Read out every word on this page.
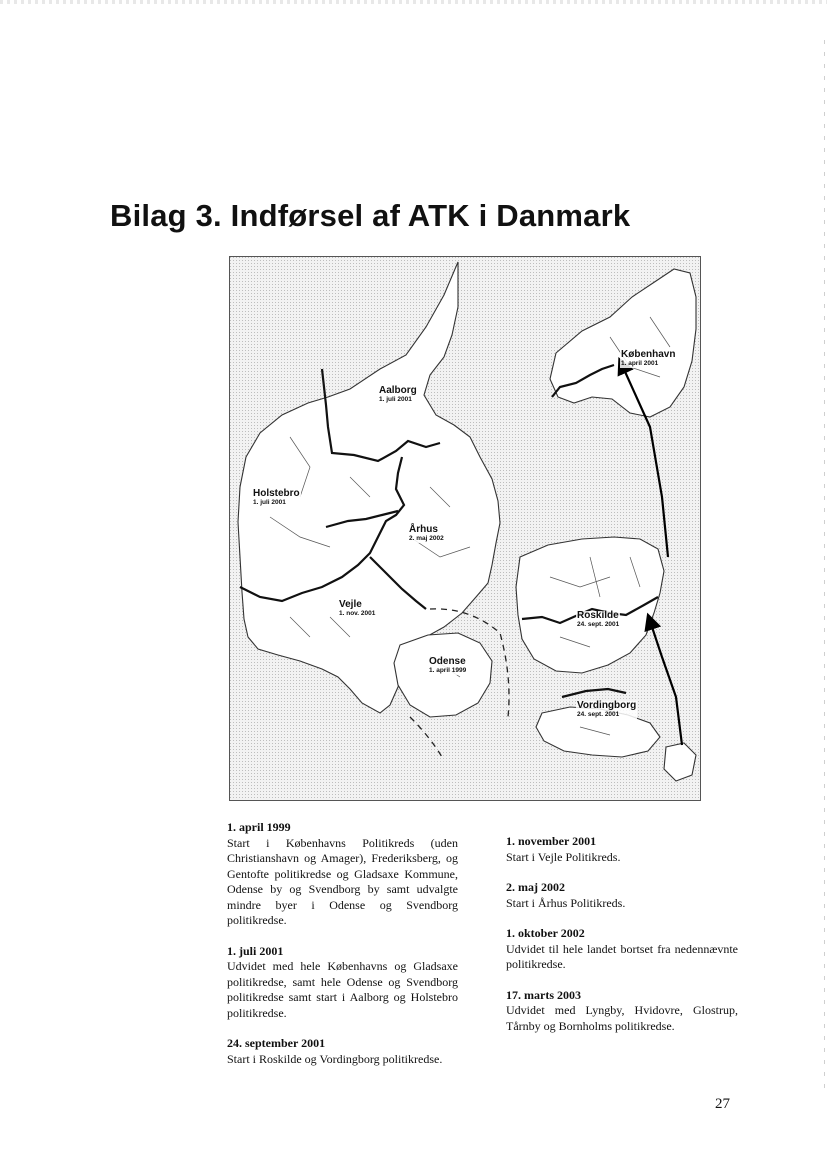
Bilag 3. Indførsel af ATK i Danmark
København
1. april 2001
Aalborg
1. juli 2001
Holstebro
1. juli 2001
Århus
2. maj 2002
Vejle
1. nov. 2001	Roskilde
24. sept. 2001
Odense
1. april 1999
Vordingborg
24. sept. 2001
1. april 1999

Start i Københavns Politikreds (uden Christianshavn og Amager), Frederiksberg, og Gentofte politikredse og Gladsaxe Kommune, Odense by og Svendborg by samt udvalgte mindre byer i Odense og Svendborg politikredse.

1. juli 2001

Udvidet med hele Københavns og Gladsaxe politikredse, samt hele Odense og Svendborg politikredse samt start i Aalborg og Holstebro politikredse.

24. september 2001

Start i Roskilde og Vordingborg politikredse.

1. november 2001

Start i Vejle Politikreds.

2. maj 2002

Start i Århus Politikreds.

1. oktober 2002

Udvidet til hele landet bortset fra nedennævnte politikredse.

17. marts 2003

Udvidet med Lyngby, Hvidovre, Glostrup, Tårnby og Bornholms politikredse.

27
